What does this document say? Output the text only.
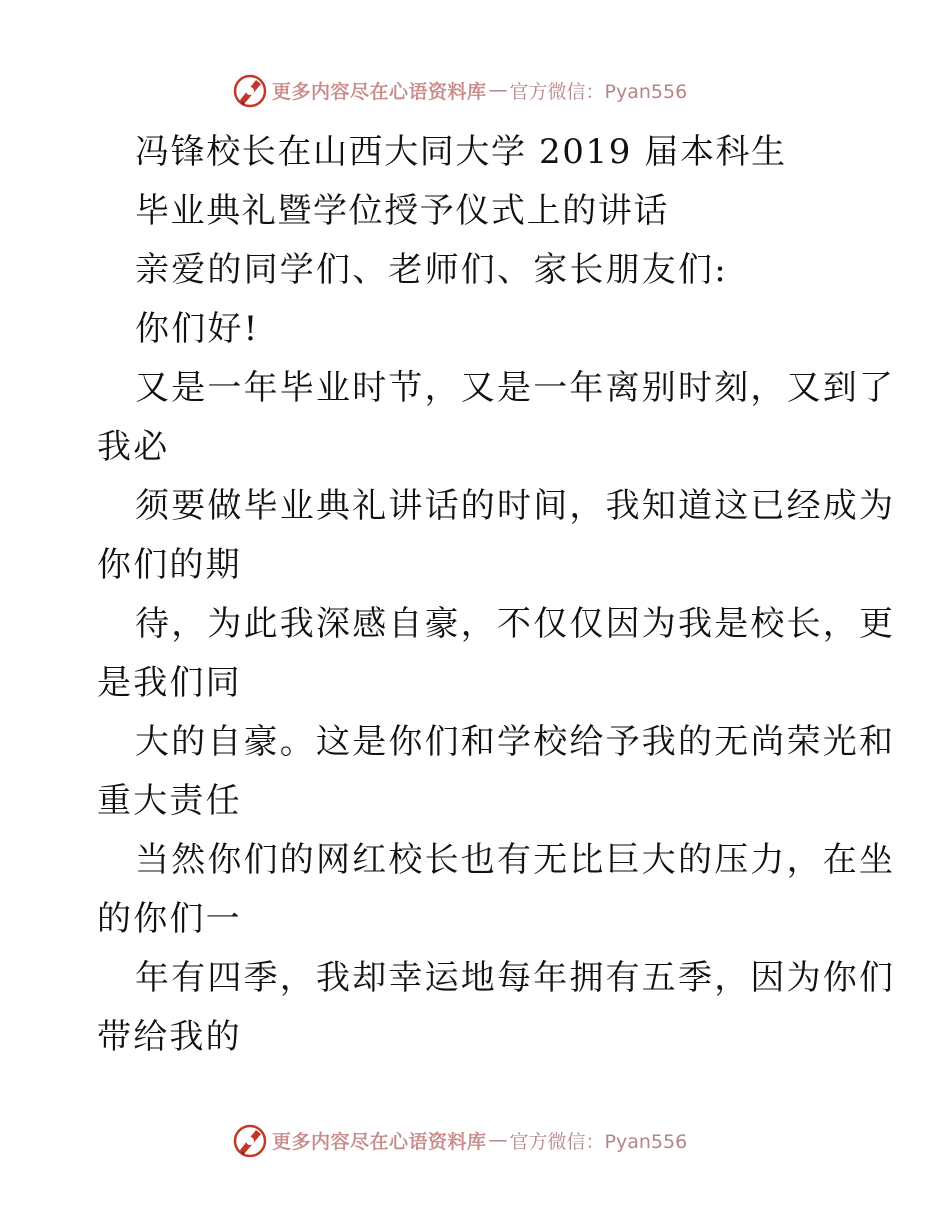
更多内容尽在心语资料库 — 官方微信：Pyan556
冯锋校长在山西大同大学 2019 届本科生
毕业典礼暨学位授予仪式上的讲话
亲爱的同学们、老师们、家长朋友们:
你们好!
又是一年毕业时节，又是一年离别时刻，又到了
我必
须要做毕业典礼讲话的时间，我知道这已经成为
你们的期
待，为此我深感自豪，不仅仅因为我是校长，更
是我们同
大的自豪。这是你们和学校给予我的无尚荣光和
重大责任
当然你们的网红校长也有无比巨大的压力，在坐
的你们一
年有四季，我却幸运地每年拥有五季，因为你们
带给我的
更多内容尽在心语资料库 — 官方微信：Pyan556
